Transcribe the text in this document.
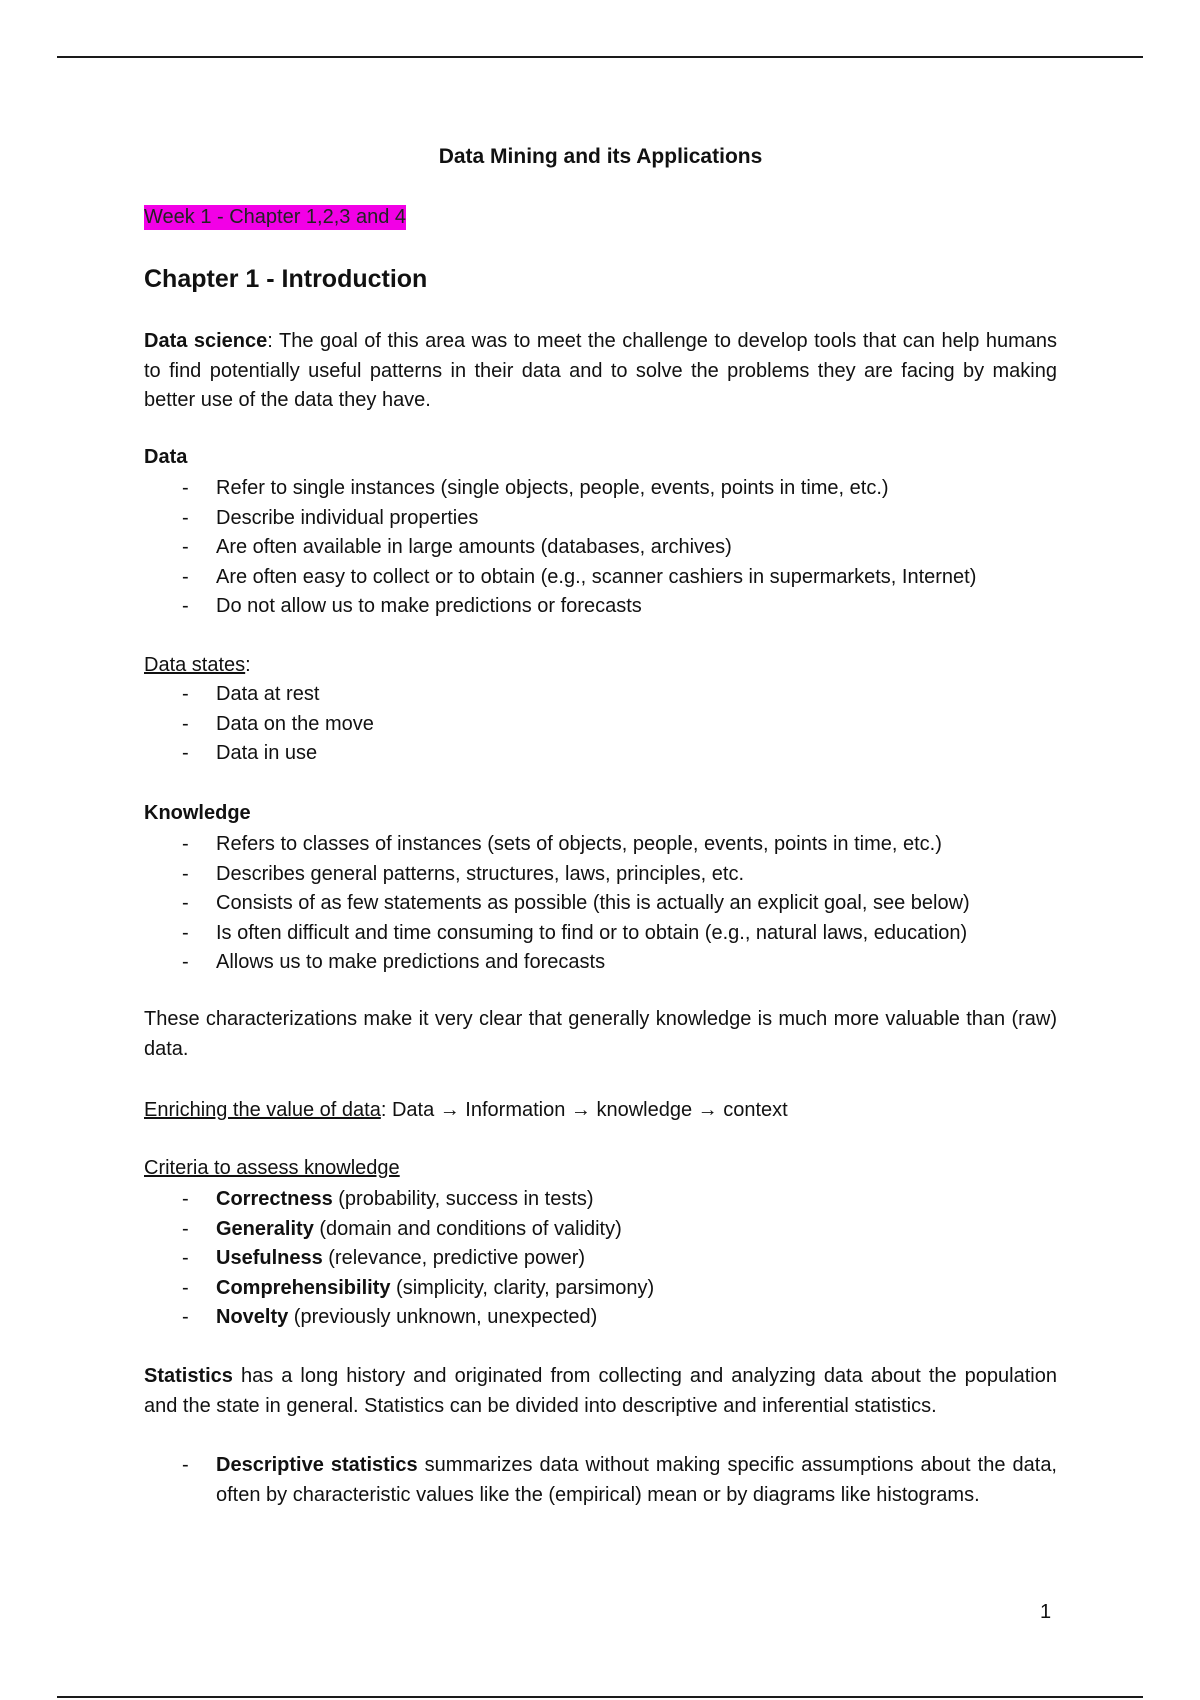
Data Mining and its Applications
Week 1 - Chapter 1,2,3 and 4
Chapter 1 - Introduction
Data science: The goal of this area was to meet the challenge to develop tools that can help humans to find potentially useful patterns in their data and to solve the problems they are facing by making better use of the data they have.
Data
- Refer to single instances (single objects, people, events, points in time, etc.)
- Describe individual properties
- Are often available in large amounts (databases, archives)
- Are often easy to collect or to obtain (e.g., scanner cashiers in supermarkets, Internet)
- Do not allow us to make predictions or forecasts
Data states:
- Data at rest
- Data on the move
- Data in use
Knowledge
- Refers to classes of instances (sets of objects, people, events, points in time, etc.)
- Describes general patterns, structures, laws, principles, etc.
- Consists of as few statements as possible (this is actually an explicit goal, see below)
- Is often difficult and time consuming to find or to obtain (e.g., natural laws, education)
- Allows us to make predictions and forecasts
These characterizations make it very clear that generally knowledge is much more valuable than (raw) data.
Enriching the value of data: Data → Information → knowledge → context
Criteria to assess knowledge
- Correctness (probability, success in tests)
- Generality (domain and conditions of validity)
- Usefulness (relevance, predictive power)
- Comprehensibility (simplicity, clarity, parsimony)
- Novelty (previously unknown, unexpected)
Statistics has a long history and originated from collecting and analyzing data about the population and the state in general. Statistics can be divided into descriptive and inferential statistics.
- Descriptive statistics summarizes data without making specific assumptions about the data, often by characteristic values like the (empirical) mean or by diagrams like histograms.
1
